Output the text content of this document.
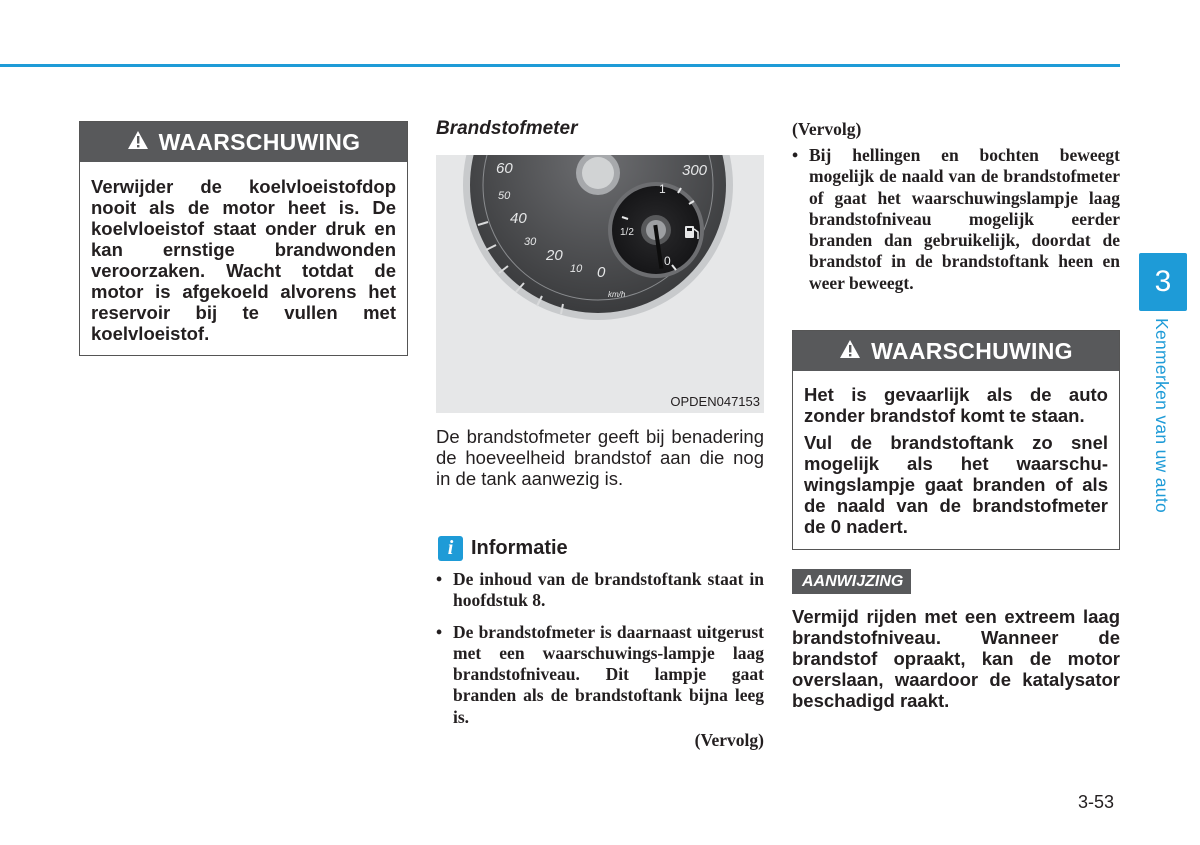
WAARSCHUWING

Verwijder de koelvloeistofdop nooit als de motor heet is. De koelvloeistof staat onder druk en kan ernstige brandwonden veroorzaken. Wacht totdat de motor is afgekoeld alvorens het reservoir bij te vullen met koelvloeistof.

Brandstofmeter
60
50
40
30
20
10 0
300
km/h
1
1/2
0
OPDEN047153
De brandstofmeter geeft bij benadering de hoeveelheid brandstof aan die nog in de tank aanwezig is.
i Informatie
• De inhoud van de brandstoftank staat in hoofdstuk 8.
• De brandstofmeter is daarnaast uitgerust met een waarschuwings-lampje laag brandstofniveau. Dit lampje gaat branden als de brandstoftank bijna leeg is.
(Vervolg)
(Vervolg)
• Bij hellingen en bochten beweegt mogelijk de naald van de brandstofmeter of gaat het waarschuwingslampje laag brandstofniveau mogelijk eerder branden dan gebruikelijk, doordat de brandstof in de brandstoftank heen en weer beweegt.
WAARSCHUWING

Het is gevaarlijk als de auto zonder brandstof komt te staan.

Vul de brandstoftank zo snel mogelijk als het waarschu-wingslampje gaat branden of als de naald van de brandstofmeter de 0 nadert.

AANWIJZING
Vermijd rijden met een extreem laag brandstofniveau. Wanneer de brandstof opraakt, kan de motor overslaan, waardoor de katalysator beschadigd raakt.
3
Kenmerken van uw auto
3-53
